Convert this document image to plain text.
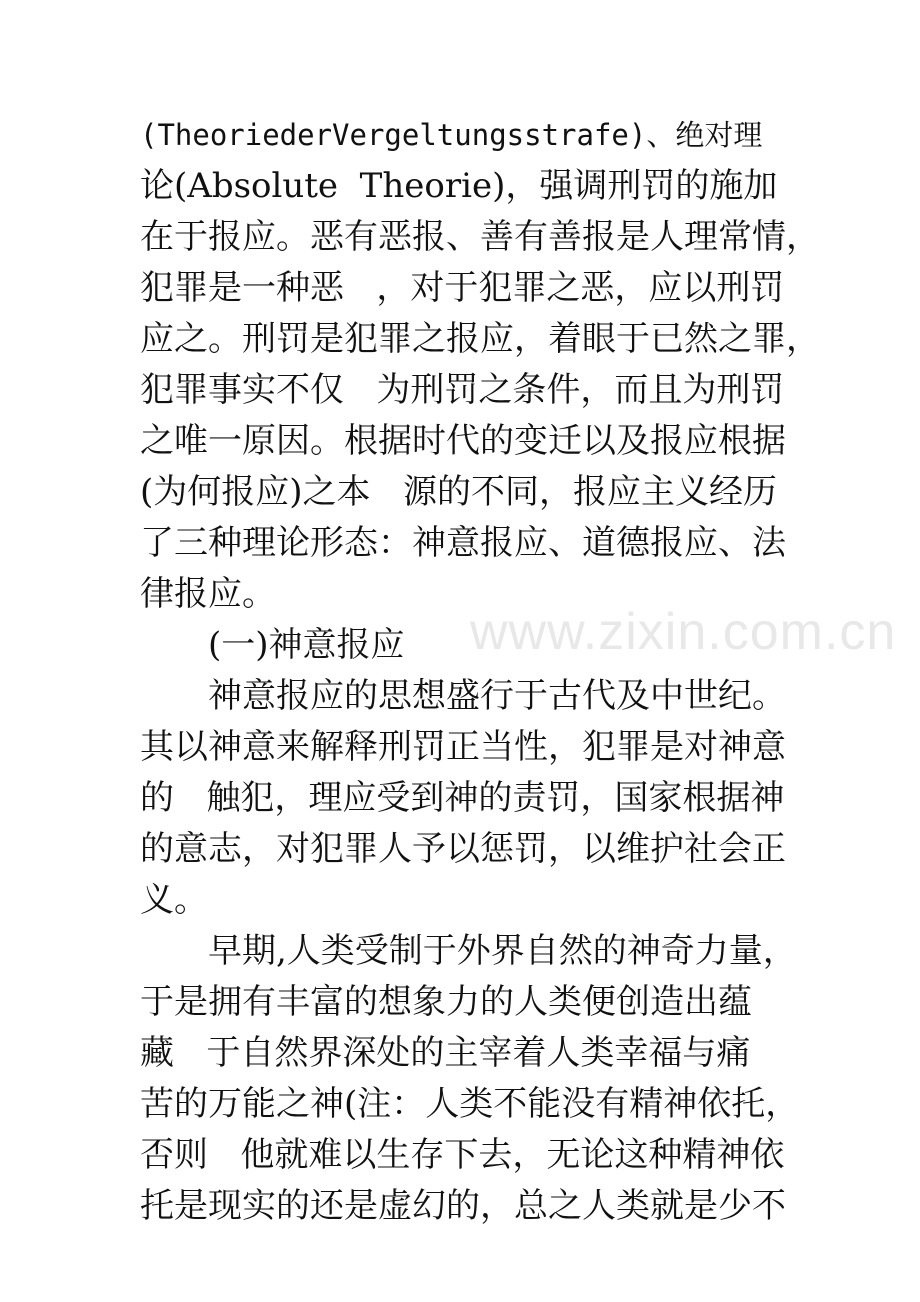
www.zixin.com.cn
(TheoriederVergeltungsstrafe)、绝对理
论(Absolute  Theorie)，强调刑罚的施加
在于报应。恶有恶报、善有善报是人理常情，
犯罪是一种恶   ，对于犯罪之恶，应以刑罚
应之。刑罚是犯罪之报应，着眼于已然之罪，
犯罪事实不仅   为刑罚之条件，而且为刑罚
之唯一原因。根据时代的变迁以及报应根据
(为何报应)之本   源的不同，报应主义经历
了三种理论形态：神意报应、道德报应、法
律报应。
(一)神意报应
神意报应的思想盛行于古代及中世纪。
其以神意来解释刑罚正当性，犯罪是对神意
的   触犯，理应受到神的责罚，国家根据神
的意志，对犯罪人予以惩罚，以维护社会正
义。
早期,人类受制于外界自然的神奇力量，
于是拥有丰富的想象力的人类便创造出蕴
藏   于自然界深处的主宰着人类幸福与痛
苦的万能之神(注：人类不能没有精神依托，
否则   他就难以生存下去，无论这种精神依
托是现实的还是虚幻的，总之人类就是少不
